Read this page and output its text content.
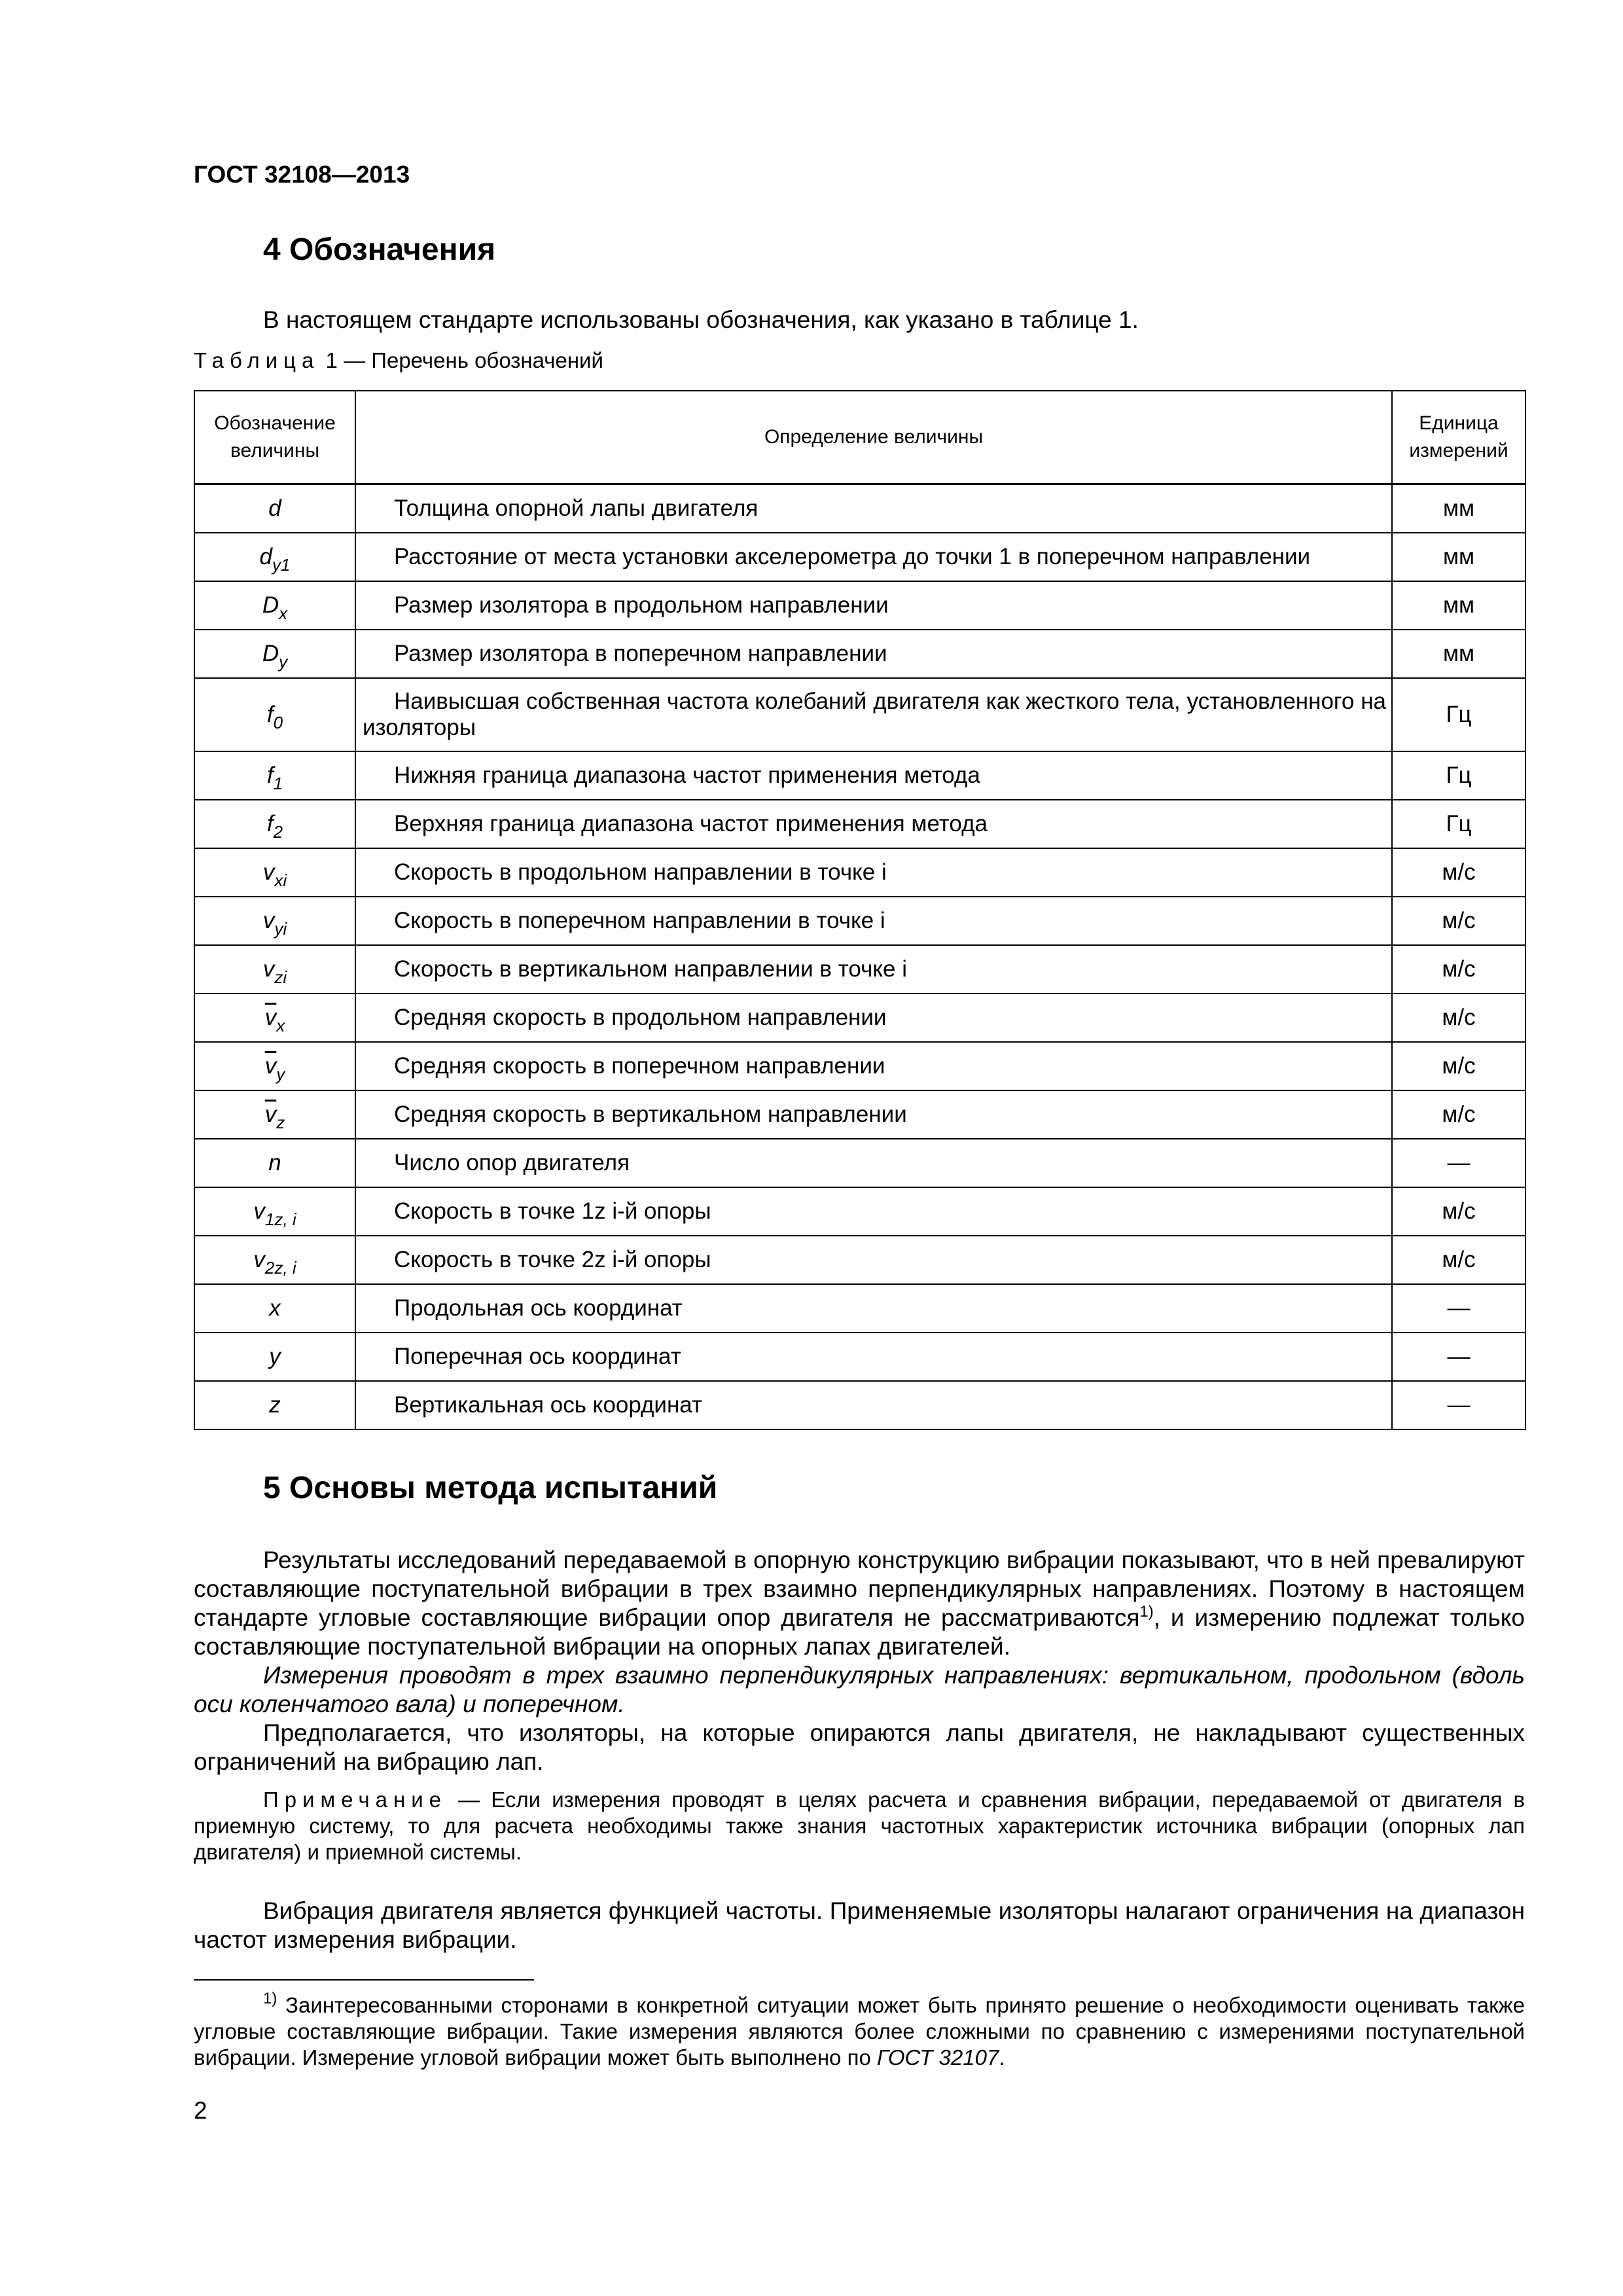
ГОСТ 32108—2013
4 Обозначения
В настоящем стандарте использованы обозначения, как указано в таблице 1.
Таблица 1 — Перечень обозначений
Обозначение величины	Определение величины	Единица измерений
d	Толщина опорной лапы двигателя	мм
$d_{y1}$	Расстояние от места установки акселерометра до точки 1 в поперечном направлении	мм
$D_x$	Размер изолятора в продольном направлении	мм
$D_y$	Размер изолятора в поперечном направлении	мм
$f_0$	Наивысшая собственная частота колебаний двигателя как жесткого тела, установленного на изоляторы	Гц
$f_1$	Нижняя граница диапазона частот применения метода	Гц
$f_2$	Верхняя граница диапазона частот применения метода	Гц
$v_{xi}$	Скорость в продольном направлении в точке i	м/с
$v_{yi}$	Скорость в поперечном направлении в точке i	м/с
$v_{zi}$	Скорость в вертикальном направлении в точке i	м/с
$\overline{v}_x$	Средняя скорость в продольном направлении	м/с
$\overline{v}_y$	Средняя скорость в поперечном направлении	м/с
$\overline{v}_z$	Средняя скорость в вертикальном направлении	м/с
n	Число опор двигателя	—
$v_{1z, i}$	Скорость в точке 1z i-й опоры	м/с
$v_{2z, i}$	Скорость в точке 2z i-й опоры	м/с
x	Продольная ось координат	—
y	Поперечная ось координат	—
z	Вертикальная ось координат	—
5 Основы метода испытаний

Результаты исследований передаваемой в опорную конструкцию вибрации показывают, что в ней превалируют составляющие поступательной вибрации в трех взаимно перпендикулярных направлениях. Поэтому в настоящем стандарте угловые составляющие вибрации опор двигателя не рассматриваются$^{1)}$, и измерению подлежат только составляющие поступательной вибрации на опорных лапах двигателей.

Измерения проводят в трех взаимно перпендикулярных направлениях: вертикальном, продольном (вдоль оси коленчатого вала) и поперечном.

Предполагается, что изоляторы, на которые опираются лапы двигателя, не накладывают существенных ограничений на вибрацию лап.

Примечание — Если измерения проводят в целях расчета и сравнения вибрации, передаваемой от двигателя в приемную систему, то для расчета необходимы также знания частотных характеристик источника вибрации (опорных лап двигателя) и приемной системы.

Вибрация двигателя является функцией частоты. Применяемые изоляторы налагают ограничения на диапазон частот измерения вибрации.

$^{1)}$ Заинтересованными сторонами в конкретной ситуации может быть принято решение о необходимости оценивать также угловые составляющие вибрации. Такие измерения являются более сложными по сравнению с измерениями поступательной вибрации. Измерение угловой вибрации может быть выполнено по ГОСТ 32107.

2
